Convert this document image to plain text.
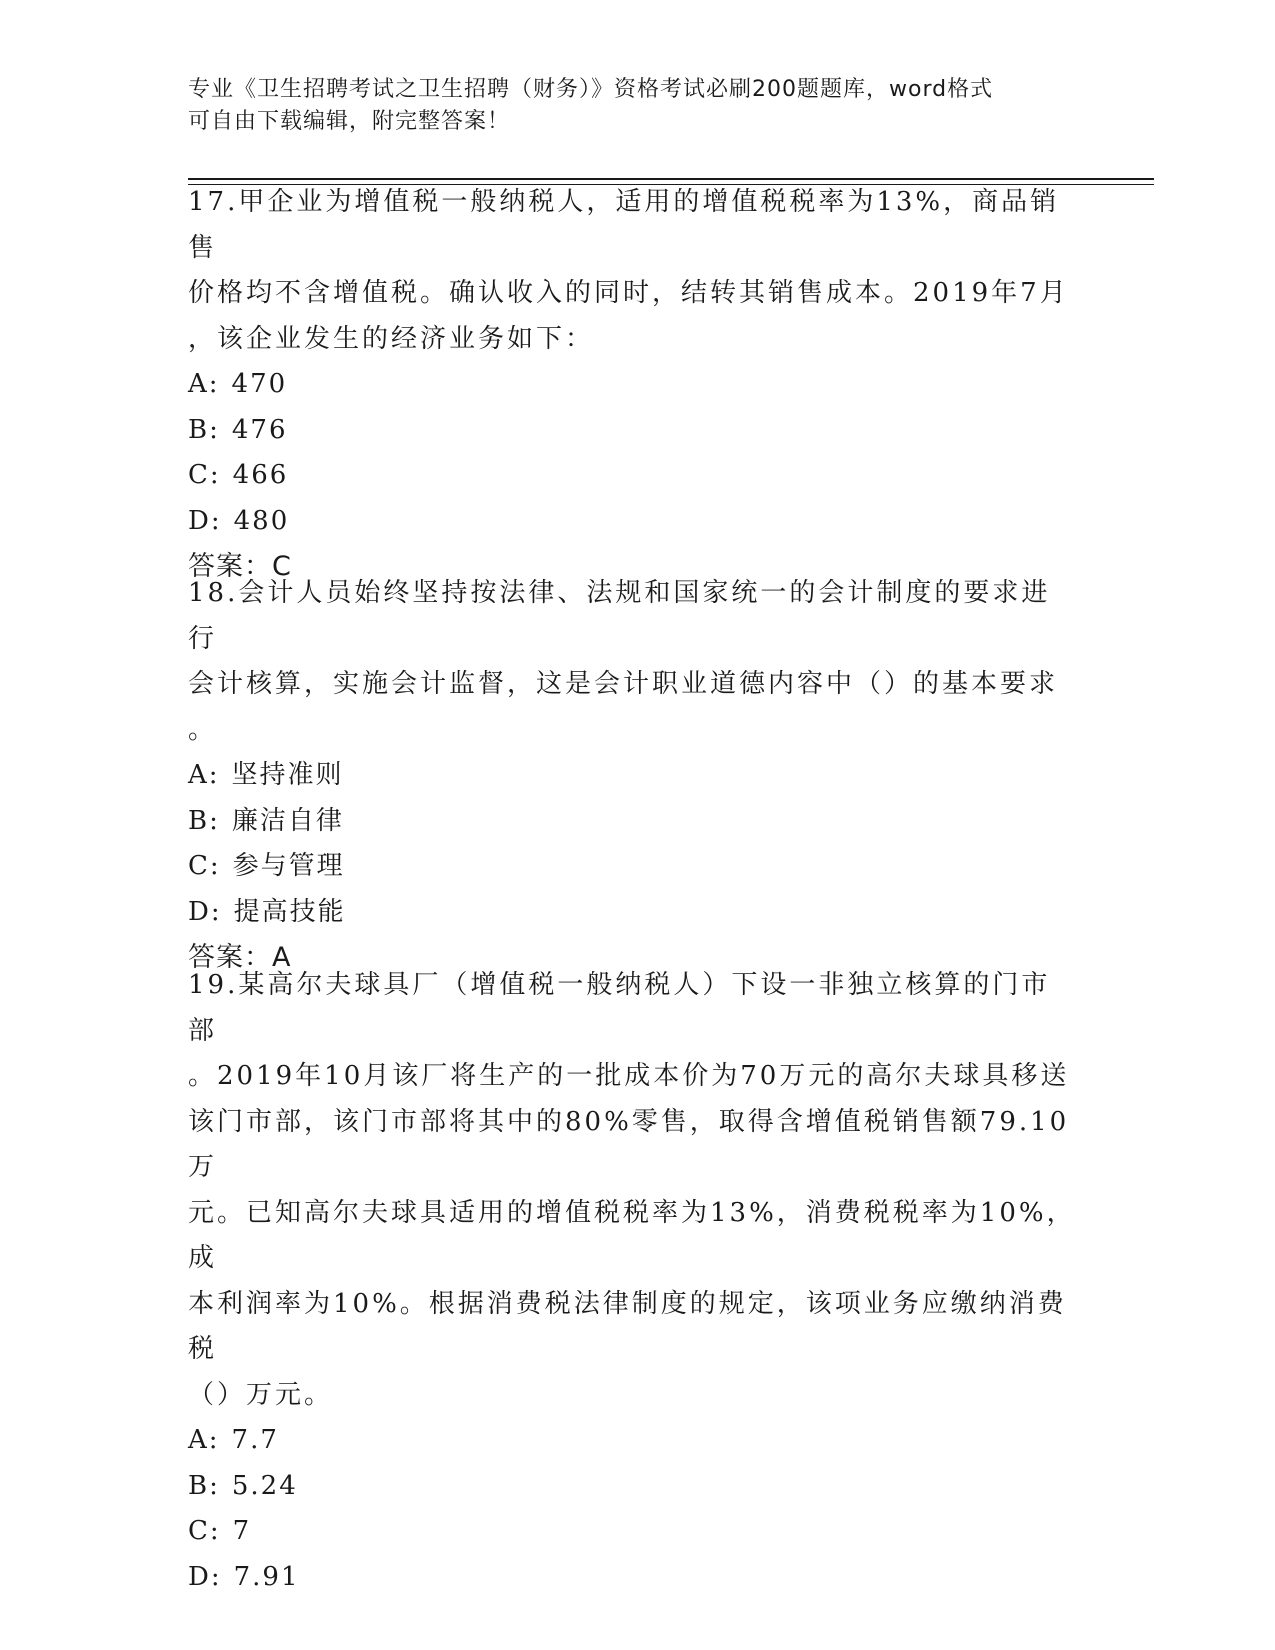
专业《卫生招聘考试之卫生招聘（财务）》资格考试必刷200题题库，word格式
可自由下载编辑，附完整答案！
17.甲企业为增值税一般纳税人，适用的增值税税率为13%，商品销售
价格均不含增值税。确认收入的同时，结转其销售成本。2019年7月
，该企业发生的经济业务如下：
A: 470
B: 476
C: 466
D: 480
答案：C
18.会计人员始终坚持按法律、法规和国家统一的会计制度的要求进行
会计核算，实施会计监督，这是会计职业道德内容中（）的基本要求
。
A: 坚持准则
B: 廉洁自律
C: 参与管理
D: 提高技能
答案：A
19.某高尔夫球具厂（增值税一般纳税人）下设一非独立核算的门市部
。2019年10月该厂将生产的一批成本价为70万元的高尔夫球具移送
该门市部，该门市部将其中的80%零售，取得含增值税销售额79.10万
元。已知高尔夫球具适用的增值税税率为13%，消费税税率为10%，成
本利润率为10%。根据消费税法律制度的规定，该项业务应缴纳消费税
（）万元。
A: 7.7
B: 5.24
C: 7
D: 7.91
